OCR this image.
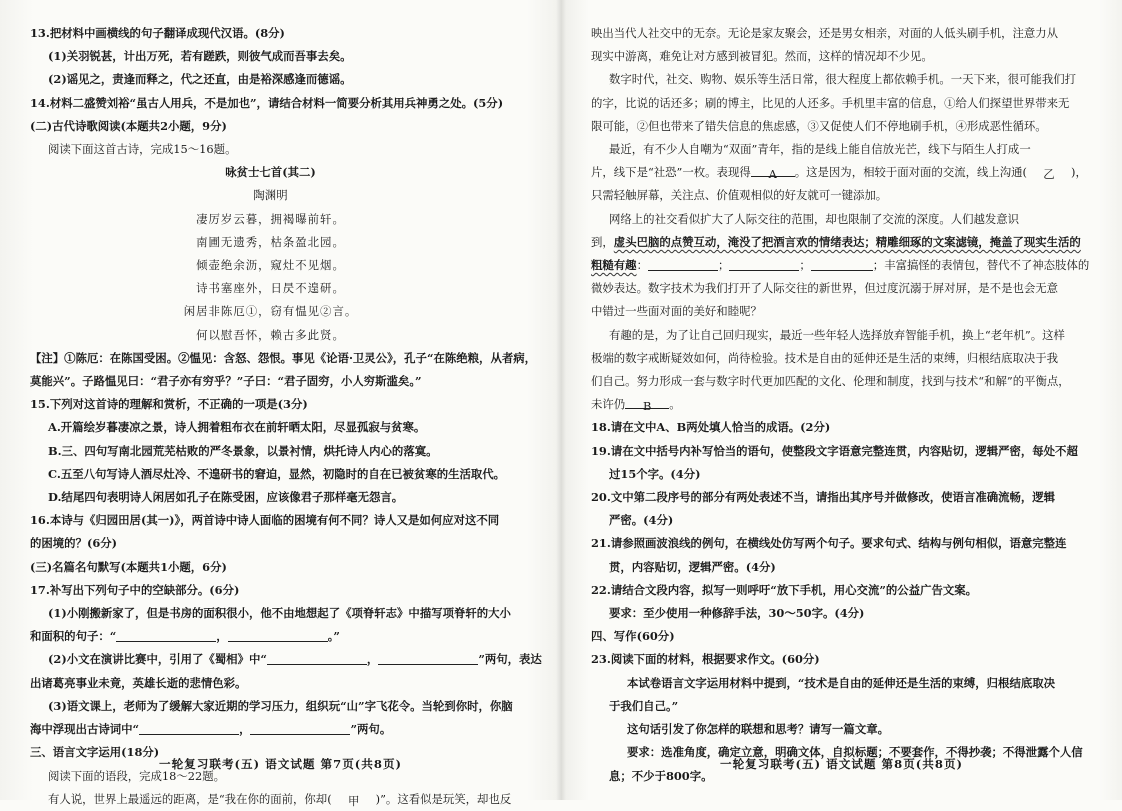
13.把材料中画横线的句子翻译成现代汉语。(8分)
(1)关羽锐甚，计出万死，若有蹉跌，则彼气成而吾事去矣。
(2)谣见之，责逢而释之，代之还直，由是裕深感逢而德谣。
14.材料二盛赞刘裕“虽古人用兵，不是加也”，请结合材料一简要分析其用兵神勇之处。(5分)
(二)古代诗歌阅读(本题共2小题，9分)
阅读下面这首古诗，完成15～16题。
咏贫士七首(其二)
陶渊明
凄厉岁云暮，拥褐曝前轩。
南圃无遗秀，枯条盈北园。
倾壶绝余沥，窥灶不见烟。
诗书塞座外，日昃不遑研。
闲居非陈厄①，窃有愠见②言。
何以慰吾怀，赖古多此贤。
【注】①陈厄：在陈国受困。②愠见：含怒、怨恨。事见《论语·卫灵公》，孔子“在陈绝粮，从者病，
莫能兴”。子路愠见曰：“君子亦有穷乎？”子曰：“君子固穷，小人穷斯滥矣。”
15.下列对这首诗的理解和赏析，不正确的一项是(3分)
A.开篇绘岁暮凄凉之景，诗人拥着粗布衣在前轩晒太阳，尽显孤寂与贫寒。
B.三、四句写南北园荒芜枯败的严冬景象，以景衬情，烘托诗人内心的落寞。
C.五至八句写诗人酒尽灶冷、不遑研书的窘迫，显然，初隐时的自在已被贫寒的生活取代。
D.结尾四句表明诗人闲居如孔子在陈受困，应该像君子那样毫无怨言。
16.本诗与《归园田居(其一)》，两首诗中诗人面临的困境有何不同？诗人又是如何应对这不同
的困境的？(6分)
(三)名篇名句默写(本题共1小题，6分)
17.补写出下列句子中的空缺部分。(6分)
(1)小刚搬新家了，但是书房的面积很小，他不由地想起了《项脊轩志》中描写项脊轩的大小
和面积的句子：“	，	。”
(2)小文在演讲比赛中，引用了《蜀相》中“	，	”两句，表达
出诸葛亮事业未竟，英雄长逝的悲情色彩。
(3)语文课上，老师为了缓解大家近期的学习压力，组织玩“山”字飞花令。当轮到你时，你脑
海中浮现出古诗词中“	，	”两句。
三、语言文字运用(18分)
阅读下面的语段，完成18～22题。
有人说，世界上最遥远的距离，是“我在你的面前，你却( 甲 )”。这看似是玩笑，却也反
一轮复习联考(五) 语文试题 第7页(共8页)
映出当代人社交中的无奈。无论是家友聚会，还是男女相亲，对面的人低头刷手机，注意力从
现实中游离，难免让对方感到被冒犯。然而，这样的情况却不少见。
数字时代，社交、购物、娱乐等生活日常，很大程度上都依赖手机。一天下来，很可能我们打
的字，比说的话还多；刷的博主，比见的人还多。手机里丰富的信息，①给人们探望世界带来无
限可能，②但也带来了错失信息的焦虑感，③又促使人们不停地刷手机，④形成恶性循环。
最近，有不少人自嘲为“双面”青年，指的是线上能自信放光芒，线下与陌生人打成一
片，线下是“社恐”一枚。表现得 A 。这是因为，相较于面对面的交流，线上沟通( 乙 )，
只需轻触屏幕，关注点、价值观相似的好友就可一键添加。
网络上的社交看似扩大了人际交往的范围，却也限制了交流的深度。人们越发意识
到，虚头巴脑的点赞互动，淹没了把酒言欢的情绪表达；精雕细琢的文案滤镜，掩盖了现实生活的
粗糙有趣：	；	；	；丰富搞怪的表情包，替代不了神态肢体的
微妙表达。数字技术为我们打开了人际交往的新世界，但过度沉溺于屏对屏，是不是也会无意
中错过一些面对面的美好和睦呢？
有趣的是，为了让自己回归现实，最近一些年轻人选择放弃智能手机，换上“老年机”。这样
极端的数字戒断疑效如何，尚待检验。技术是自由的延伸还是生活的束缚，归根结底取决于我
们自己。努力形成一套与数字时代更加匹配的文化、伦理和制度，找到与技术“和解”的平衡点，
未许仍 B 。
18.请在文中A、B两处填人恰当的成语。(2分)
19.请在文中括号内补写恰当的语句，使整段文字语意完整连贯，内容贴切，逻辑严密，每处不超
过15个字。(4分)
20.文中第二段序号的部分有两处表述不当，请指出其序号并做修改，使语言准确流畅，逻辑
严密。(4分)
21.请参照画波浪线的例句，在横线处仿写两个句子。要求句式、结构与例句相似，语意完整连
贯，内容贴切，逻辑严密。(4分)
22.请结合文段内容，拟写一则呼吁“放下手机，用心交流”的公益广告文案。
要求：至少使用一种修辞手法，30～50字。(4分)
四、写作(60分)
23.阅读下面的材料，根据要求作文。(60分)
本试卷语言文字运用材料中提到，“技术是自由的延伸还是生活的束缚，归根结底取决
于我们自己。”
这句话引发了你怎样的联想和思考？请写一篇文章。
要求：选准角度，确定立意，明确文体，自拟标题；不要套作，不得抄袭；不得泄露个人信
息；不少于800字。
一轮复习联考(五) 语文试题 第8页(共8页)
